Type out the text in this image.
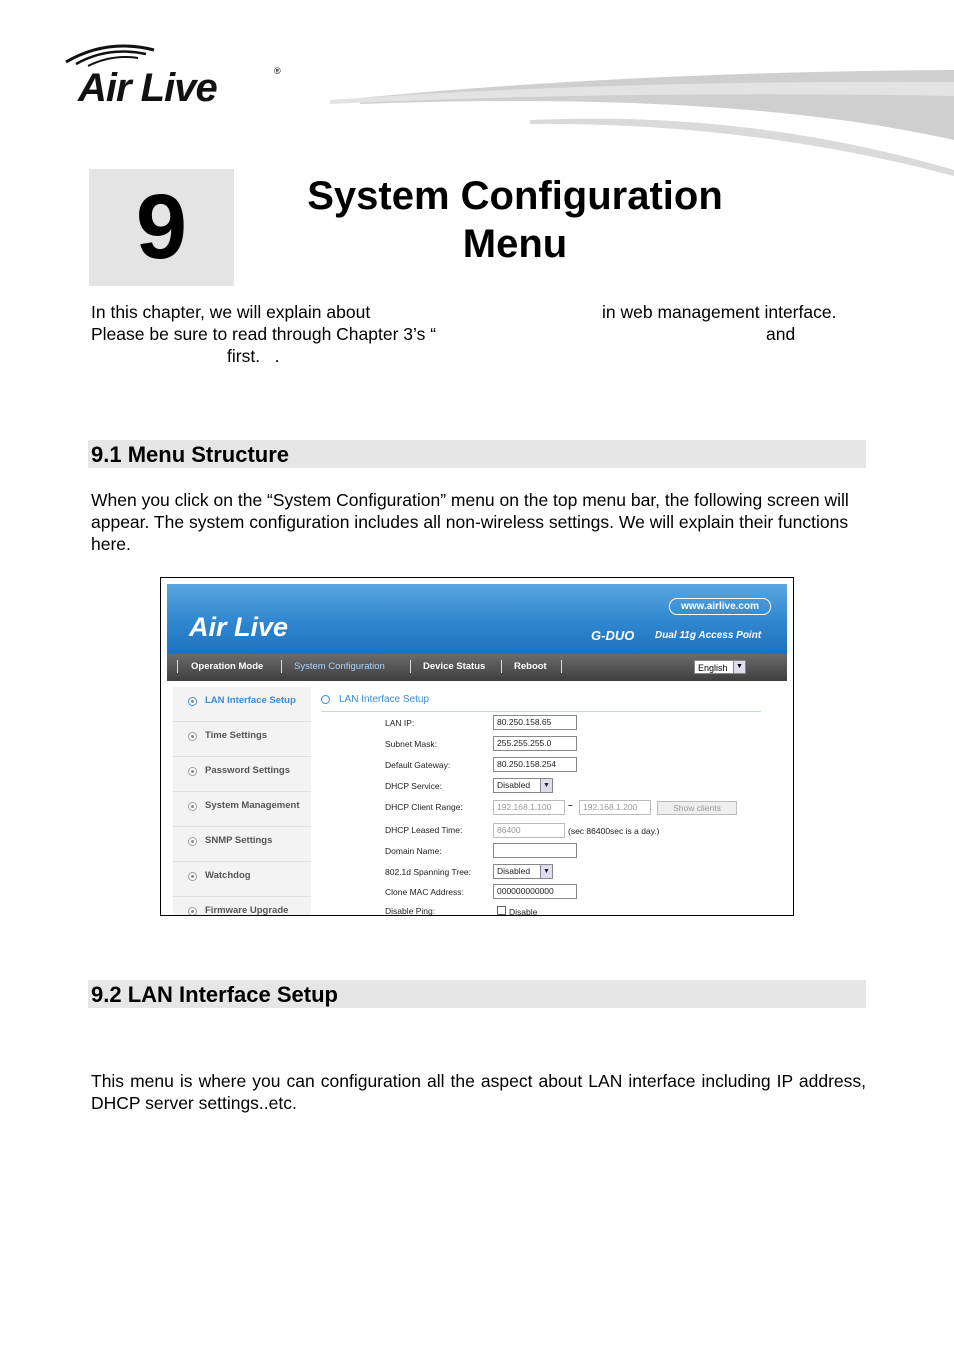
Air Live	®
9	System Configuration Menu
In this chapter, we will explain about	in web management interface.
Please be sure to read through Chapter 3’s “	and
first.   .
9.1 Menu Structure
When you click on the “System Configuration” menu on the top menu bar, the following screen will appear. The system configuration includes all non-wireless settings. We will explain their functions here.
Air Live
www.airlive.com
G-DUO Dual 11g Access Point
Operation Mode	System Configuration	Device Status	Reboot	English	▼
LAN Interface Setup
Time Settings
Password Settings
System Management
SNMP Settings
Watchdog
Firmware Upgrade
LAN Interface Setup
LAN IP:	80.250.158.65
Subnet Mask:	255.255.255.0
Default Gateway:	80.250.158.254
DHCP Service:	Disabled	▼
DHCP Client Range:	192.168.1.100	–	192.168.1.200	Show clients
DHCP Leased Time:	86400	(sec 86400sec is a day.)
Domain Name:
802.1d Spanning Tree:	Disabled	▼
Clone MAC Address:	000000000000
Disable Ping:	Disable
9.2 LAN Interface Setup
This menu is where you can configuration all the aspect about LAN interface including IP address, DHCP server settings..etc.
